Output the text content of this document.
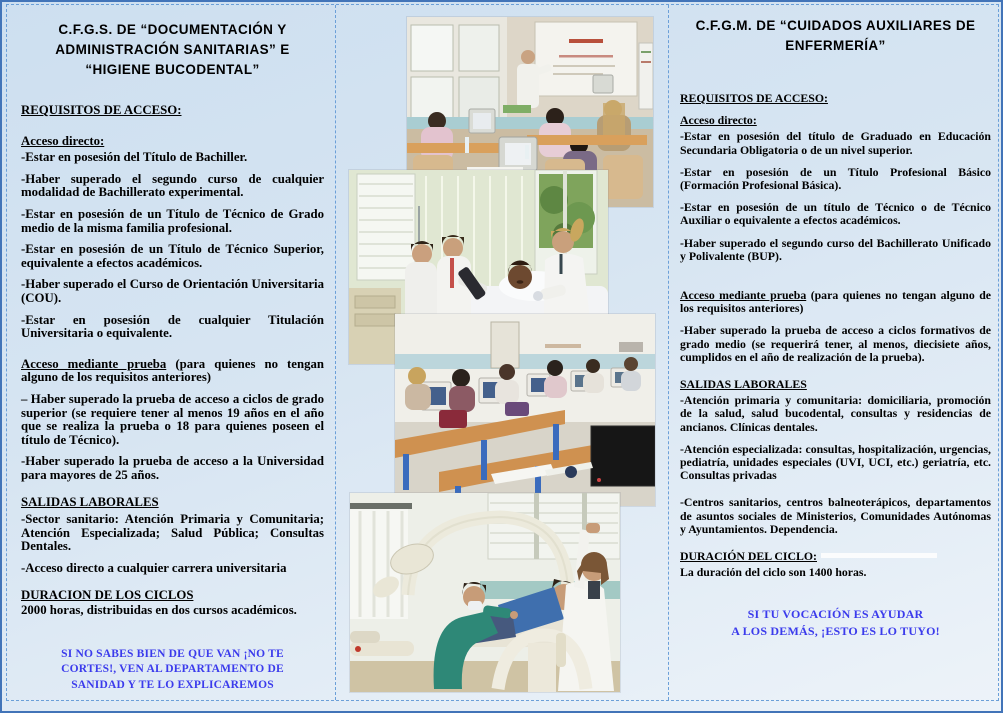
C.F.G.S. DE “DOCUMENTACIÓN Y ADMINISTRACIÓN SANITARIAS” E “HIGIENE BUCODENTAL”

REQUISITOS DE ACCESO:

Acceso directo:

-Estar en posesión del Título de Bachiller.

-Haber superado el segundo curso de cualquier modalidad de Bachillerato experimental.

-Estar en posesión de un Título de Técnico de Grado medio de la misma familia profesional.

-Estar en posesión de un Título de Técnico Superior, equivalente a efectos académicos.

-Haber superado el Curso de Orientación Universitaria (COU).

-Estar en posesión de cualquier Titulación Universitaria o equivalente.

Acceso mediante prueba (para quienes no tengan alguno de los requisitos anteriores)

– Haber superado la prueba de acceso a ciclos de grado superior (se requiere tener al menos 19 años en el año que se realiza la prueba o 18 para quienes poseen el título de Técnico).

-Haber superado la prueba de acceso a la Universidad para mayores de 25 años.

SALIDAS LABORALES

-Sector sanitario: Atención Primaria y Comunitaria; Atención Especializada; Salud Pública; Consultas Dentales.

-Acceso directo a cualquier carrera universitaria

DURACION DE LOS CICLOS

2000 horas, distribuidas en dos cursos académicos.

SI NO SABES BIEN DE QUE VAN ¡NO TE
CORTES!, VEN AL DEPARTAMENTO DE
SANIDAD Y TE LO EXPLICAREMOS
C.F.G.M. DE “CUIDADOS AUXILIARES DE ENFERMERÍA”

REQUISITOS DE ACCESO:

Acceso directo:

-Estar en posesión del título de Graduado en Educación Secundaria Obligatoria o de un nivel superior.

-Estar en posesión de un Título Profesional Básico (Formación Profesional Básica).

-Estar en posesión de un título de Técnico o de Técnico Auxiliar o equivalente a efectos académicos.

-Haber superado el segundo curso del Bachillerato Unificado y Polivalente (BUP).

Acceso mediante prueba (para quienes no tengan alguno de los requisitos anteriores)

-Haber superado la prueba de acceso a ciclos formativos de grado medio (se requerirá tener, al menos, diecisiete años, cumplidos en el año de realización de la prueba).

SALIDAS LABORALES

-Atención primaria y comunitaria: domiciliaria, promoción de la salud, salud bucodental, consultas y residencias de ancianos. Clínicas dentales.

-Atención especializada: consultas, hospitalización, urgencias, pediatría, unidades especiales (UVI, UCI, etc.) geriatría, etc. Consultas privadas

-Centros sanitarios, centros balneoterápicos, departamentos de asuntos sociales de Ministerios, Comunidades Autónomas y Ayuntamientos. Dependencia.

DURACIÓN DEL CICLO:

La duración del ciclo son 1400 horas.

SI TU VOCACIÓN ES AYUDAR
A LOS DEMÁS, ¡ESTO ES LO TUYO!
